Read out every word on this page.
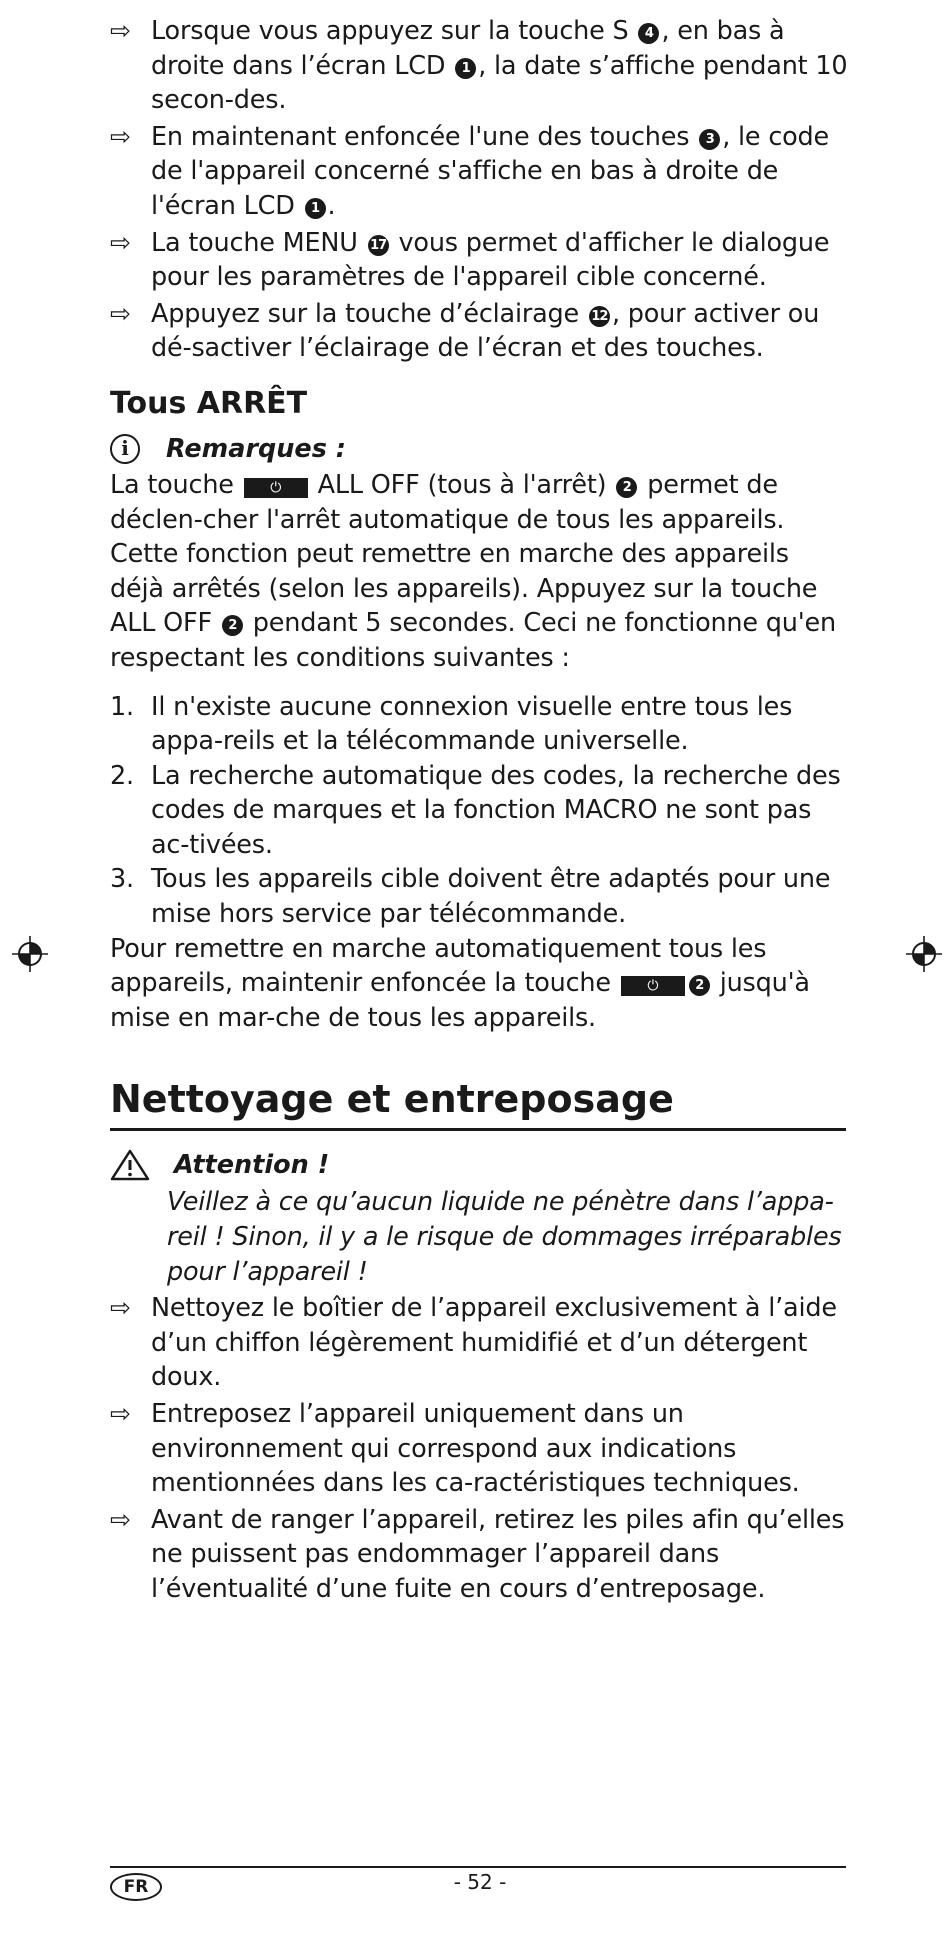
⇨ Lorsque vous appuyez sur la touche S 4 , en bas à droite dans l’écran LCD 1 , la date s’affiche pendant 10 secon-des.
⇨ En maintenant enfoncée l'une des touches 3 , le code de l'appareil concerné s'affiche en bas à droite de l'écran LCD 1 .
⇨ La touche MENU 17 vous permet d'afficher le dialogue pour les paramètres de l'appareil cible concerné.
⇨ Appuyez sur la touche d’éclairage 12 , pour activer ou dé-sactiver l’éclairage de l’écran et des touches.
Tous ARRÊT
i	Remarques :

La touche ⏻ ALL OFF (tous à l'arrêt) 2 permet de déclen-cher l'arrêt automatique de tous les appareils. Cette fonction peut remettre en marche des appareils déjà arrêtés (selon les appareils). Appuyez sur la touche ALL OFF 2 pendant 5 secondes. Ceci ne fonctionne qu'en respectant les conditions suivantes :

1. Il n'existe aucune connexion visuelle entre tous les appa-reils et la télécommande universelle.
2. La recherche automatique des codes, la recherche des codes de marques et la fonction MACRO ne sont pas ac-tivées.
3. Tous les appareils cible doivent être adaptés pour une mise hors service par télécommande.

Pour remettre en marche automatiquement tous les appareils, maintenir enfoncée la touche ⏻	2 jusqu'à mise en mar-che de tous les appareils.

Nettoyage et entreposage
Attention !

Veillez à ce qu’aucun liquide ne pénètre dans l’appa-reil ! Sinon, il y a le risque de dommages irréparables pour l’appareil !

⇨ Nettoyez le boîtier de l’appareil exclusivement à l’aide d’un chiffon légèrement humidifié et d’un détergent doux.
⇨ Entreposez l’appareil uniquement dans un environnement qui correspond aux indications mentionnées dans les ca-ractéristiques techniques.
⇨ Avant de ranger l’appareil, retirez les piles afin qu’elles ne puissent pas endommager l’appareil dans l’éventualité d’une fuite en cours d’entreposage.
FR	- 52 -
